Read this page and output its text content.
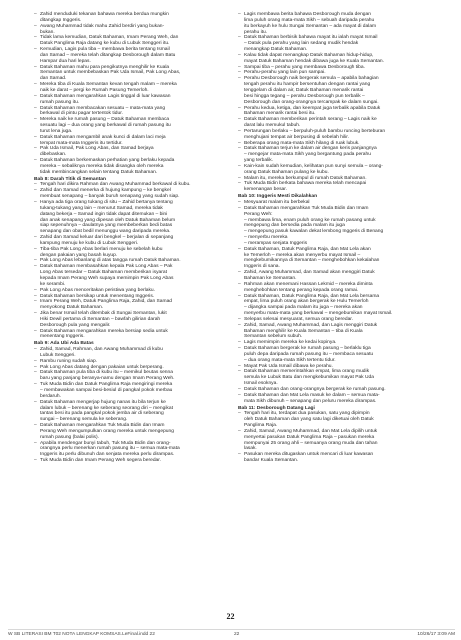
– Zahid menduduki tekanan bahawa mereka berdua mungkin
ditangkap Inggeris.
– Awang Muhammad tidak mahu Zahid berdiri yang bukan-
bukan.
– Tidak lama kemudian, Datuk Bahaman, Imam Perang Weh, dan
Datuk Panglima Raja datang ke kubu di Lubuk Senggeri itu.
– Kemudian, Lagis pula tiba – membawa berita tentang Ismail
dan Samad – mereka telah ditangkap Desborough dalam Batu
Hampar dua hari lepas.
– Datuk Bahaman mahu para pengikutnya menghilir ke Kuala
Semantan untuk membebaskan Pak Uda Ismail, Pak Long Abas,
dan Samad.
– Mereka tiba di Kuala Semantan kevan tengah malam – mereka
naik ke darat – pergi ke Rumah Pasung Temerloh.
– Datuk Bahaman mengarahkan Lagis tinggal di luar kawasan
rumah pasung itu.
– Datuk Bahaman membacakan sesuatu – mata-mata yang
berkawal di pintu pagar tertentok tidur.
– Mereka naik ke rumah pasung – Datuk Bahaman membaca
sesuatu lagi – dua orang yang berkawal di rumah pasung itu
turut lena juga.
– Datuk Bahaman mengambil anak kunci di dalam laci meja
tempat mata-mata Inggeris itu tertidur.
– Pak Uda Ismail, Pak Long Abas, dan Samad berjaya
dibebaskan.
– Datuk Bahaman berkemaskan perhatian yang berlaku kepada
mereka – sebaliknya mereka tidak disangka oleh mereka
tidak membincangkan selain tentang Datuk Bahaman.
Bab 8: Darah Titik di Semantan
– Tengah hari dikira Rahman dan Awang Muhammad berkawal di kubu.
– Zahid dan Samad menerka di hujung kampung – ke bengkel
membuat senapang – banyak buruh senapang yang sudah siap.
– Hanya ada tiga orang tukang di situ – Zahid bertanya tentang
tukang-tukang yang lain – menurut Samad, mereka tidak
datang bekerja – Samad ingin tidak dapat ditemukan – bini
dan anak senapang yang dipesan oleh Datuk Bahaman belum
siap sepenuhnya – daulatnya yang membeberkan bedi batas
senapang dan obat bedil menunggu wang daripada mereka.
– Zahid dan Samad keluar dari bengkel – berjalan di sepanjang
kampung menuju ke kubu di Lubuk Senggeri.
– Tiba-tiba Pak Long Abas berlari menuju ke sebelah kubu
dengan pakaian yang basah kuyup.
– Pak Long Abas lebanlang di atas tangga rumah Datuk Bahaman.
– Datuk Bahaman membasahkan kepala Pak Long Abas – Pak
Long Abas tersedar – Datuk Bahaman memberikan isyarat
kepada Imam Perang Weh supaya memimpin Pak Long Abas
ke serambi.
– Pak Long Abas menceritakan peristiwa yang berlaku.
– Datuk Bahaman bersikap untuk menentang Inggeris.
– Imam Perang Weh, Datuk Panglima Raja, Zahid, dan Samad
menyokong Datuk Bahaman.
– Jika benar Ismail telah ditembak di Sungai Semantan, lukit
Hiki Dewil pertama di Semantan – bawfah gilirian darah
Desborough pula yang mengalir.
– Datuk Bahaman mengarahkan mereka bersiap sedia untuk
menentang Inggeris.
Bab 9: Ada Ubi Ada Batas
– Zahid, Samad, Rahman, dan Awang Muhammad di kubu
Lubuk Senggeri.
– Rambu runing sudah siap.
– Pak Long Abas datang dengan pakaian untuk berperang.
– Datuk Bahaman pula tiba di kubu itu – memikul beutas senna
baru yang panjang beranya-namu dengan Imam Perang Weh.
– Tuk Muda Bidin dan Datuk Panglima Raja mengiringi mereka
– membawakan sampai besi-besiul di pangkal pokok merbau
berdaruh.
– Datuk Bahaman mengerjap hujung nanas itu bila terjun ke
dalam lubuk – berenang ke seberang seorang diri – mengikat
tantas besi itu pada pangkal pokok jemba air di seberang
sungai – berenang semula ke seberang.
– Datuk Bahaman mengarahkan Tuk Muda Bidin dan Imam
Perang Weh mengumpulkan orang mereka untuk mengepung
rumah pasung (balai polis).
– Apabila mendengar bunyi tabuh, Tuk Muda Bidin dan orang-
orangnya perlu menerkan rumah pasung itu – semua mata-mata
Inggeris itu perlu dibunuh dan senjata mereka perlu dirampas.
– Tuk Muda Bidin dan Imam Perang Weh segera beredar.
– Lagis membawa berita bahawa Desborough muda dengan
lima puluh orang mata-mata Sikh – sebuah daripada perahu
itu berkayuh ke hulu Sungai Semantan – ada mayat di dalam
perahu itu.
– Datuk Bahaman berbisik bahawa mayat itu ialah mayat Ismail
– Datuk pula perahu yang lain sedang mudik hendak
menangkap Datuk Bahaman.
– Kalau tidak dapat menangkap Datuk Bahaman hidup-hidup,
mayat Datuk Bahaman hendak dibawa juga ke Kuala Semantan.
– Sampai tiba – perahu yang membawa Desborough tiba.
– Perahu-perahu yang lain pun sampai.
– Perahu Desborough naik bergerak semula – apabila bahagian
tengah perahu itu hampir bersentuhan dengan rantai yang
tenggelam di dalam air, Datuk Bahaman menarik rantai
besi hingga tegang – perahu Desborough pun terbalik –
Desborough dan orang-orangnya tercampak ke dalam sungai.
– Perahu kedua, ketiga, dan keempat juga terbalik apabila Datuk
Bahaman menarik rantai besi itu.
– Datuk Bahaman memberikan perintah serang – Lagis naik ke
darat lalu memukul tabuh.
– Pertarungan berlaku – berpuluh-puluh bambu runcing berteburan
menghujani tempat air berpusing di sebelah hilir.
– Beberapa orang mata-mata Sikh hilang di ruak lubuk.
– Datuk Bahaman terjun ke dalam air dengan keris panjangnya
– mengejar mata-mata Sikh yang bergantung pada perahu
yang terbalik.
– Kain-kain sudah kemudian, kelihatan pun sunyi semula – orang-
orang Datuk Bahaman pulang ke kubu.
– Malam itu, mereka berkumpul di rumah Datuk Bahaman.
– Tuk Muda Bidin berkata bahawa mereka telah mencapai
kemenangan besar.
Bab 10: Inggeris Mesti Dikalahkan
– Mesyuarat malam itu berbekal
– Datuk Bahaman mengarahkan Tuk Muda Bidin dan Imam
Perang Weh:
– membawa lima, enam puluh orang ke rumah pasang untuk
mengepung dan bersedia pada malam itu juga
– mengepung pasuk kawalan dekat lembong Inggeris di Benang
– menyerbu mereka
– merampas senjata Inggeris
– Datuk Bahaman, Datuk Panglima Raja, dan Mat Lela akan
ke Temerloh – mereka akan menyerbu mayat Ismail –
mengkebumikannya di Semantan – menghebohkan kekalahan
Inggeris di sana.
– Zahid, Awang Muhammad, dan Samad akan menggiri Datuk
Bahaman ke Semantan.
– Rahman akan menemani Hassan Lekmid – mereka diminta
menghebohkan tentang perang kepada orang ramai.
– Datuk Bahaman, Datuk Panglima Raja, dan Mat Lela bersama
empat, lima puluh orang akan bergerak ke Hulu Temerloh
– dijangka sampai pada malam itu juga – mereka akan
menyerbu mata-mata yang berkawal – mengebumikan mayat Ismail.
– Selepas selesai mesyuarat, semua orang beredar.
– Zahid, Samad, Awang Muhammad, dan Lagis menggiri Datuk
Bahaman menghilir ke Kuala Semantan – tiba di Kuala
Semantan sebelum subuh.
– Lagis memimpin mereka ke kedai kopinya.
– Datuk Bahaman bergerak ke rumah pasung – berlaklu tiga
puluh depa daripada rumah pasung itu – membaca sesuatu
– dua orang mata-mata Sikh tertentu tidur.
– Mayat Pak Uda Ismail dibawa ke perahu.
– Datuk Bahaman memerintahkan empat, lima orang mudik
semula ke Lubuk Batu dan mengkebumikan mayat Pak Uda
Ismail esoknya.
– Datuk Bahaman dan orang-orangnya bergerak ke rumah pasung.
– Datuk Bahaman dan Mat Lela masuk ke dalam – semua mata-
mata Sikh dibunuh – senapang dan peluru mereka dirampas.
Bab 11: Desborough Datang Lagi
– Tengah hari itu, terdapat dua pasukan, satu yang dipimpin
oleh Datuk Bahaman dan yang satu lagi diketuai oleh Datuk
Panglima Raja.
– Zahid, Samad, Awang Muhammad, dan Mat Lela dipilih untuk
menyertai pasukan Datuk Panglima Raja – pasukan mereka
mempunyai 25 orang ahli – semuanya orang muda dan tahan
lasak.
– Pasukan mereka ditugaskan untuk mencari di luar kawasan
bandar Kuala Semantan.
22
W SB LITERASI BM T02 NOTA LENGKAP KOMSAS.LeFinal.indd 22	22	10/26/17 3:09 AM
